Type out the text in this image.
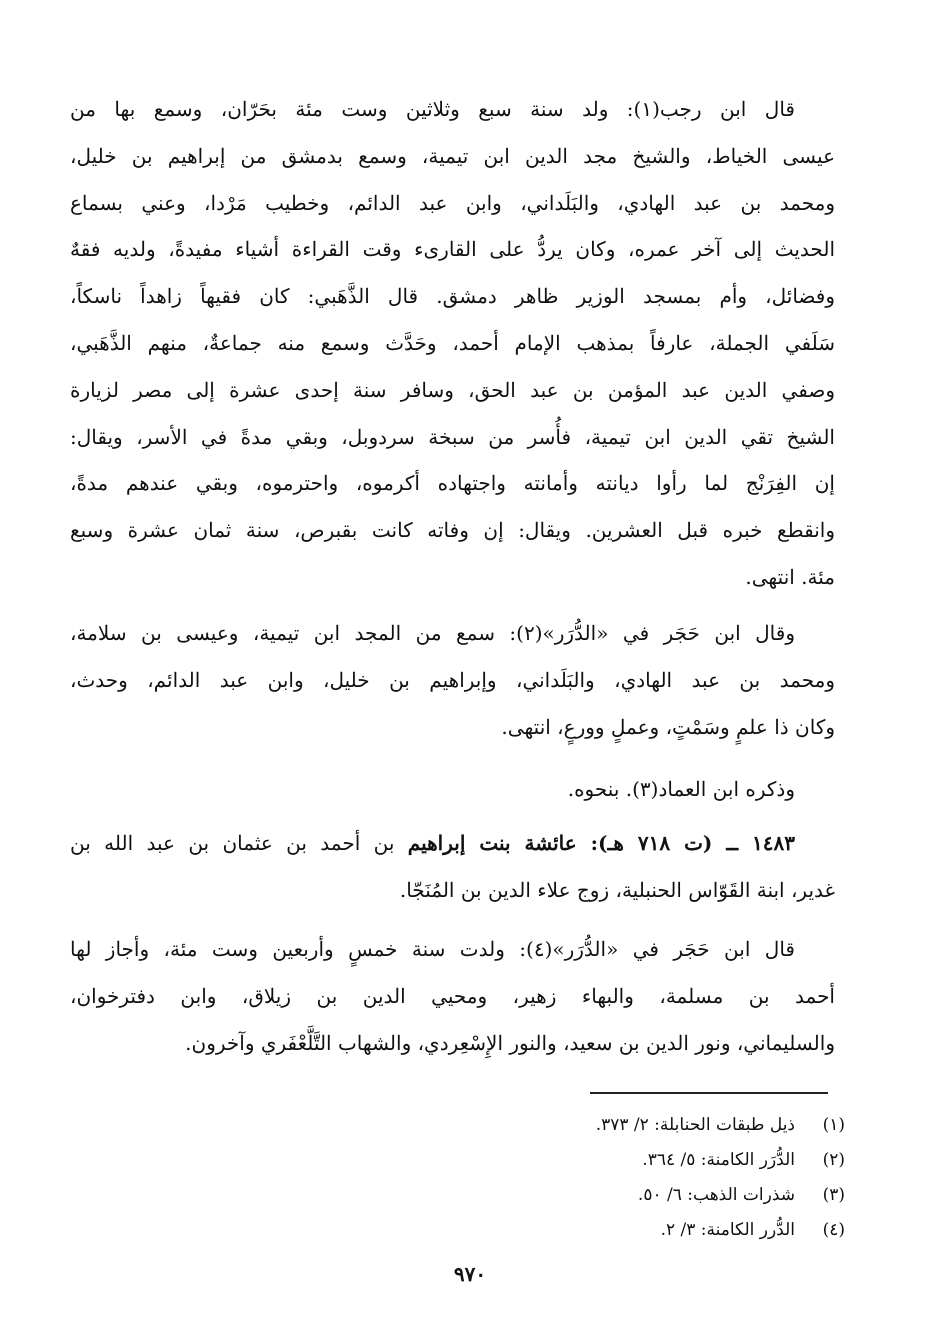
قال ابن رجب(١): ولد سنة سبع وثلاثين وست مئة بحَرّان، وسمع بها من
عيسى الخياط، والشيخ مجد الدين ابن تيمية، وسمع بدمشق من إبراهيم بن خليل،
ومحمد بن عبد الهادي، والبَلَداني، وابن عبد الدائم، وخطيب مَرْدا، وعني بسماع
الحديث إلى آخر عمره، وكان يردُّ على القارىء وقت القراءة أشياء مفيدةً، ولديه فقهٌ
وفضائل، وأم بمسجد الوزير ظاهر دمشق. قال الذَّهَبي: كان فقيهاً زاهداً ناسكاً،
سَلَفي الجملة، عارفاً بمذهب الإمام أحمد، وحَدَّث وسمع منه جماعةٌ، منهم الذَّهَبي،
وصفي الدين عبد المؤمن بن عبد الحق، وسافر سنة إحدى عشرة إلى مصر لزيارة
الشيخ تقي الدين ابن تيمية، فأُسر من سبخة سردوبل، وبقي مدةً في الأسر، ويقال:
إن الفِرَنْج لما رأوا ديانته وأمانته واجتهاده أكرموه، واحترموه، وبقي عندهم مدةً،
وانقطع خبره قبل العشرين. ويقال: إن وفاته كانت بقبرص، سنة ثمان عشرة وسبع
مئة. انتهى.
وقال ابن حَجَر في «الدُّرَر»(٢): سمع من المجد ابن تيمية، وعيسى بن سلامة،
ومحمد بن عبد الهادي، والبَلَداني، وإبراهيم بن خليل، وابن عبد الدائم، وحدث،
وكان ذا علمٍ وسَمْتٍ، وعملٍ وورعٍ، انتهى.
وذكره ابن العماد(٣). بنحوه.
١٤٨٣ ــ (ت ٧١٨ هـ): عائشة بنت إبراهيم بن أحمد بن عثمان بن عبد الله بن
غدير، ابنة القَوّاس الحنبلية، زوج علاء الدين بن المُنَجّا.
قال ابن حَجَر في «الدُّرَر»(٤): ولدت سنة خمسٍ وأربعين وست مئة، وأجاز لها
أحمد بن مسلمة، والبهاء زهير، ومحيي الدين بن زيلاق، وابن دفترخوان،
والسليماني، ونور الدين بن سعيد، والنور الإِسْعِردي، والشهاب التَّلَّعْفَري وآخرون.
(١)ذيل طبقات الحنابلة: ٢/ ٣٧٣.
(٢)الدُّرَر الكامنة: ٥/ ٣٦٤.
(٣)شذرات الذهب: ٦/ ٥٠.
(٤)الدُّرر الكامنة: ٣/ ٢.
٩٧٠
